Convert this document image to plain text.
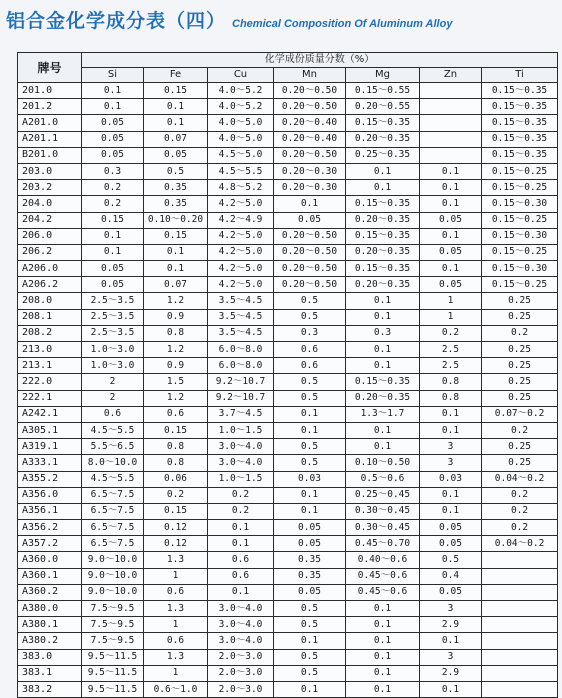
铝合金化学成分表（四） Chemical Composition Of Aluminum Alloy
牌号	化学成份质量分数（%）						
	Si	Fe	Cu	Mn	Mg	Zn	Ti
201.0	0.1	0.15	4.0～5.2	0.20～0.50	0.15～0.55		0.15～0.35
201.2	0.1	0.1	4.0～5.2	0.20～0.50	0.20～0.55		0.15～0.35
A201.0	0.05	0.1	4.0～5.0	0.20～0.40	0.15～0.35		0.15～0.35
A201.1	0.05	0.07	4.0～5.0	0.20～0.40	0.20～0.35		0.15～0.35
B201.0	0.05	0.05	4.5～5.0	0.20～0.50	0.25～0.35		0.15～0.35
203.0	0.3	0.5	4.5～5.5	0.20～0.30	0.1	0.1	0.15～0.25
203.2	0.2	0.35	4.8～5.2	0.20～0.30	0.1	0.1	0.15～0.25
204.0	0.2	0.35	4.2～5.0	0.1	0.15～0.35	0.1	0.15～0.30
204.2	0.15	0.10～0.20	4.2～4.9	0.05	0.20～0.35	0.05	0.15～0.25
206.0	0.1	0.15	4.2～5.0	0.20～0.50	0.15～0.35	0.1	0.15～0.30
206.2	0.1	0.1	4.2～5.0	0.20～0.50	0.20～0.35	0.05	0.15～0.25
A206.0	0.05	0.1	4.2～5.0	0.20～0.50	0.15～0.35	0.1	0.15～0.30
A206.2	0.05	0.07	4.2～5.0	0.20～0.50	0.20～0.35	0.05	0.15～0.25
208.0	2.5～3.5	1.2	3.5～4.5	0.5	0.1	1	0.25
208.1	2.5～3.5	0.9	3.5～4.5	0.5	0.1	1	0.25
208.2	2.5～3.5	0.8	3.5～4.5	0.3	0.3	0.2	0.2
213.0	1.0～3.0	1.2	6.0～8.0	0.6	0.1	2.5	0.25
213.1	1.0～3.0	0.9	6.0～8.0	0.6	0.1	2.5	0.25
222.0	2	1.5	9.2～10.7	0.5	0.15～0.35	0.8	0.25
222.1	2	1.2	9.2～10.7	0.5	0.20～0.35	0.8	0.25
A242.1	0.6	0.6	3.7～4.5	0.1	1.3～1.7	0.1	0.07～0.2
A305.1	4.5～5.5	0.15	1.0～1.5	0.1	0.1	0.1	0.2
A319.1	5.5～6.5	0.8	3.0～4.0	0.5	0.1	3	0.25
A333.1	8.0～10.0	0.8	3.0～4.0	0.5	0.10～0.50	3	0.25
A355.2	4.5～5.5	0.06	1.0～1.5	0.03	0.5～0.6	0.03	0.04～0.2
A356.0	6.5～7.5	0.2	0.2	0.1	0.25～0.45	0.1	0.2
A356.1	6.5～7.5	0.15	0.2	0.1	0.30～0.45	0.1	0.2
A356.2	6.5～7.5	0.12	0.1	0.05	0.30～0.45	0.05	0.2
A357.2	6.5～7.5	0.12	0.1	0.05	0.45～0.70	0.05	0.04～0.2
A360.0	9.0～10.0	1.3	0.6	0.35	0.40～0.6	0.5	
A360.1	9.0～10.0	1	0.6	0.35	0.45～0.6	0.4	
A360.2	9.0～10.0	0.6	0.1	0.05	0.45～0.6	0.05	
A380.0	7.5～9.5	1.3	3.0～4.0	0.5	0.1	3	
A380.1	7.5～9.5	1	3.0～4.0	0.5	0.1	2.9	
A380.2	7.5～9.5	0.6	3.0～4.0	0.1	0.1	0.1	
383.0	9.5～11.5	1.3	2.0～3.0	0.5	0.1	3	
383.1	9.5～11.5	1	2.0～3.0	0.5	0.1	2.9	
383.2	9.5～11.5	0.6～1.0	2.0～3.0	0.1	0.1	0.1	
